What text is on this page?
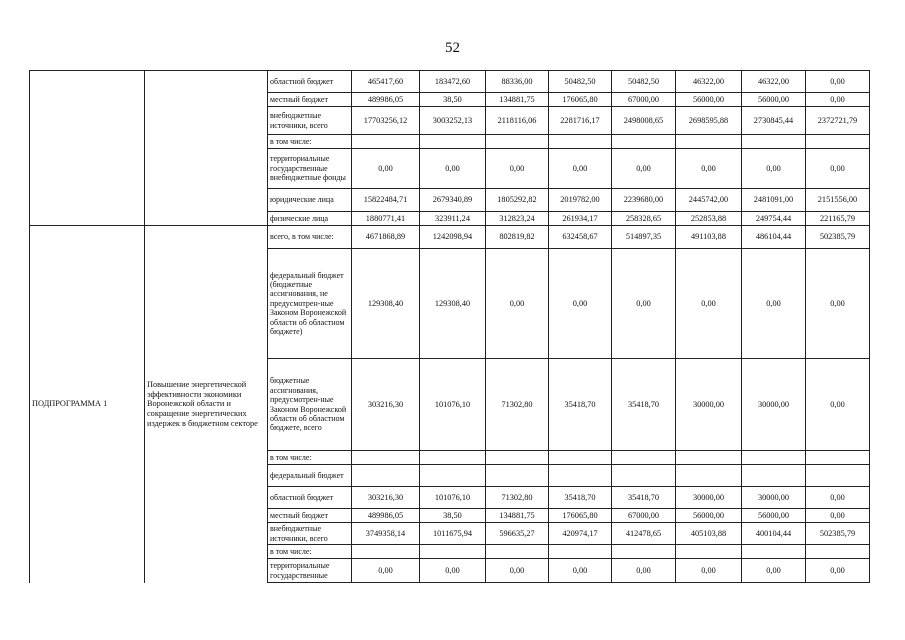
52
		областной бюджет	465417,60	183472,60	88336,00	50482,50	50482,50	46322,00	46322,00	0,00
		местный бюджет	489986,05	38,50	134881,75	176065,80	67000,00	56000,00	56000,00	0,00
		внебюджетные источники, всего	17703256,12	3003252,13	2118116,06	2281716,17	2498008,65	2698595,88	2730845,44	2372721,79
		в том числе:								
		территориальные государственные внебюджетные фонды	0,00	0,00	0,00	0,00	0,00	0,00	0,00	0,00
		юридические лица	15822484,71	2679340,89	1805292,82	2019782,00	2239680,00	2445742,00	2481091,00	2151556,00
		физические лица	1880771,41	323911,24	312823,24	261934,17	258328,65	252853,88	249754,44	221165,79
ПОДПРОГРАММА 1	Повышение энергетической эффективности экономики Воронежской области и сокращение энергетических издержек в бюджетном секторе	всего, в том числе:	4671868,89	1242098,94	802819,82	632458,67	514897,35	491103,88	486104,44	502385,79
		федеральный бюджет (бюджетные ассигнования, не предусмотрен-ные Законом Воронежской области об областном бюджете)	129308,40	129308,40	0,00	0,00	0,00	0,00	0,00	0,00
		бюджетные ассигнования, предусмотрен-ные Законом Воронежской области об областном бюджете, всего	303216,30	101076,10	71302,80	35418,70	35418,70	30000,00	30000,00	0,00
		в том числе:								
		федеральный бюджет								
		областной бюджет	303216,30	101076,10	71302,80	35418,70	35418,70	30000,00	30000,00	0,00
		местный бюджет	489986,05	38,50	134881,75	176065,80	67000,00	56000,00	56000,00	0,00
		внебюджетные источники, всего	3749358,14	1011675,94	596635,27	420974,17	412478,65	405103,88	400104,44	502385,79
		в том числе:								
		территориальные государственные	0,00	0,00	0,00	0,00	0,00	0,00	0,00	0,00
